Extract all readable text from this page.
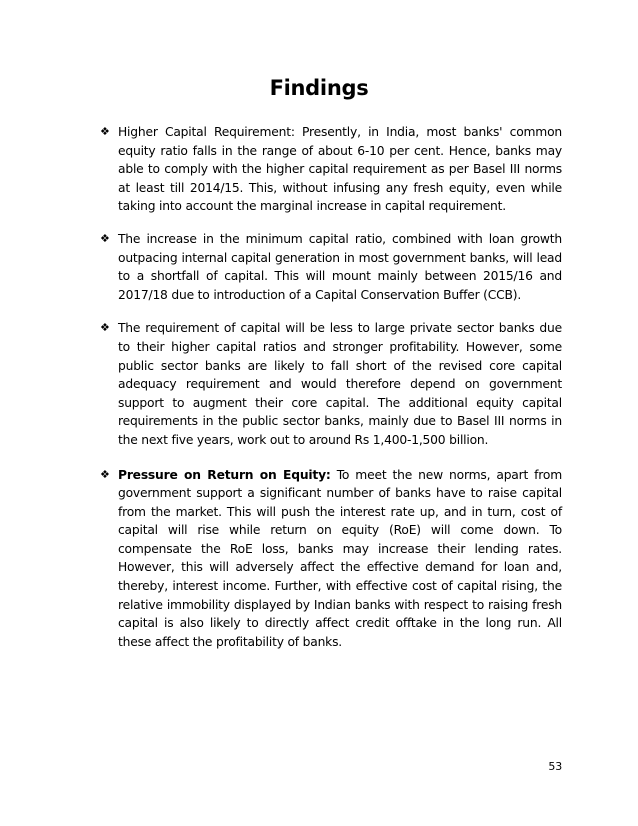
Findings
❖ Higher Capital Requirement: Presently, in India, most banks' common equity ratio falls in the range of about 6-10 per cent. Hence, banks may able to comply with the higher capital requirement as per Basel III norms at least till 2014/15. This, without infusing any fresh equity, even while taking into account the marginal increase in capital requirement.
❖ The increase in the minimum capital ratio, combined with loan growth outpacing internal capital generation in most government banks, will lead to a shortfall of capital. This will mount mainly between 2015/16 and 2017/18 due to introduction of a Capital Conservation Buffer (CCB).
❖ The requirement of capital will be less to large private sector banks due to their higher capital ratios and stronger profitability. However, some public sector banks are likely to fall short of the revised core capital adequacy requirement and would therefore depend on government support to augment their core capital. The additional equity capital requirements in the public sector banks, mainly due to Basel III norms in the next five years, work out to around Rs 1,400-1,500 billion.
❖ Pressure on Return on Equity: To meet the new norms, apart from government support a significant number of banks have to raise capital from the market. This will push the interest rate up, and in turn, cost of capital will rise while return on equity (RoE) will come down. To compensate the RoE loss, banks may increase their lending rates. However, this will adversely affect the effective demand for loan and, thereby, interest income. Further, with effective cost of capital rising, the relative immobility displayed by Indian banks with respect to raising fresh capital is also likely to directly affect credit offtake in the long run. All these affect the profitability of banks.
53
